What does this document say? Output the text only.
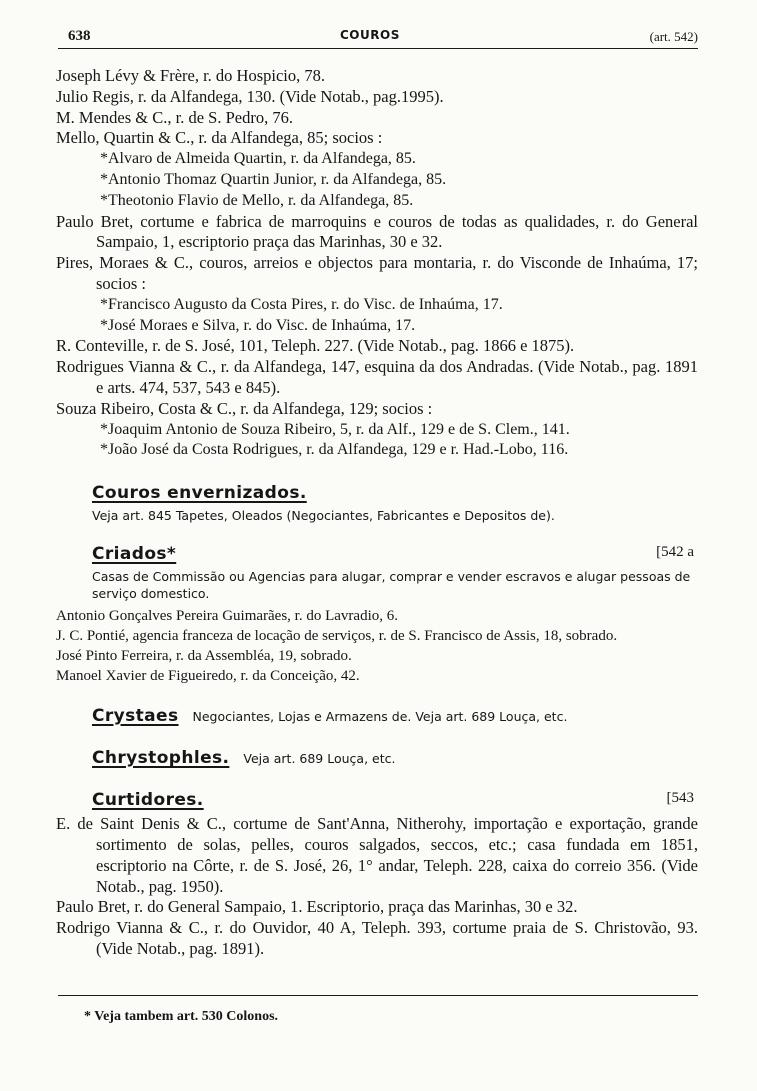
638	COUROS	(art. 542)
Joseph Lévy & Frère, r. do Hospicio, 78.
Julio Regis, r. da Alfandega, 130. (Vide Notab., pag.1995).
M. Mendes & C., r. de S. Pedro, 76.
Mello, Quartin & C., r. da Alfandega, 85; socios :
*Alvaro de Almeida Quartin, r. da Alfandega, 85.
*Antonio Thomaz Quartin Junior, r. da Alfandega, 85.
*Theotonio Flavio de Mello, r. da Alfandega, 85.
Paulo Bret, cortume e fabrica de marroquins e couros de todas as qualidades, r. do General Sampaio, 1, escriptorio praça das Marinhas, 30 e 32.
Pires, Moraes & C., couros, arreios e objectos para montaria, r. do Visconde de Inhaúma, 17; socios :
*Francisco Augusto da Costa Pires, r. do Visc. de Inhaúma, 17.
*José Moraes e Silva, r. do Visc. de Inhaúma, 17.
R. Conteville, r. de S. José, 101, Teleph. 227. (Vide Notab., pag. 1866 e 1875).
Rodrigues Vianna & C., r. da Alfandega, 147, esquina da dos Andradas. (Vide Notab., pag. 1891 e arts. 474, 537, 543 e 845).
Souza Ribeiro, Costa & C., r. da Alfandega, 129; socios :
*Joaquim Antonio de Souza Ribeiro, 5, r. da Alf., 129 e de S. Clem., 141.
*João José da Costa Rodrigues, r. da Alfandega, 129 e r. Had.-Lobo, 116.
Couros envernizados.
Veja art. 845 Tapetes, Oleados (Negociantes, Fabricantes e Depositos de).
Criados*	[542 a
Casas de Commissão ou Agencias para alugar, comprar e vender escravos e alugar pessoas de serviço domestico.
Antonio Gonçalves Pereira Guimarães, r. do Lavradio, 6.
J. C. Pontié, agencia franceza de locação de serviços, r. de S. Francisco de Assis, 18, sobrado.
José Pinto Ferreira, r. da Assembléa, 19, sobrado.
Manoel Xavier de Figueiredo, r. da Conceição, 42.
Crystaes Negociantes, Lojas e Armazens de. Veja art. 689 Louça, etc.
Chrystophles. Veja art. 689 Louça, etc.
Curtidores.	[543
E. de Saint Denis & C., cortume de Sant'Anna, Nitherohy, importação e exportação, grande sortimento de solas, pelles, couros salgados, seccos, etc.; casa fundada em 1851, escriptorio na Côrte, r. de S. José, 26, 1° andar, Teleph. 228, caixa do correio 356. (Vide Notab., pag. 1950).
Paulo Bret, r. do General Sampaio, 1. Escriptorio, praça das Marinhas, 30 e 32.
Rodrigo Vianna & C., r. do Ouvidor, 40 A, Teleph. 393, cortume praia de S. Christovão, 93. (Vide Notab., pag. 1891).
* Veja tambem art. 530 Colonos.
